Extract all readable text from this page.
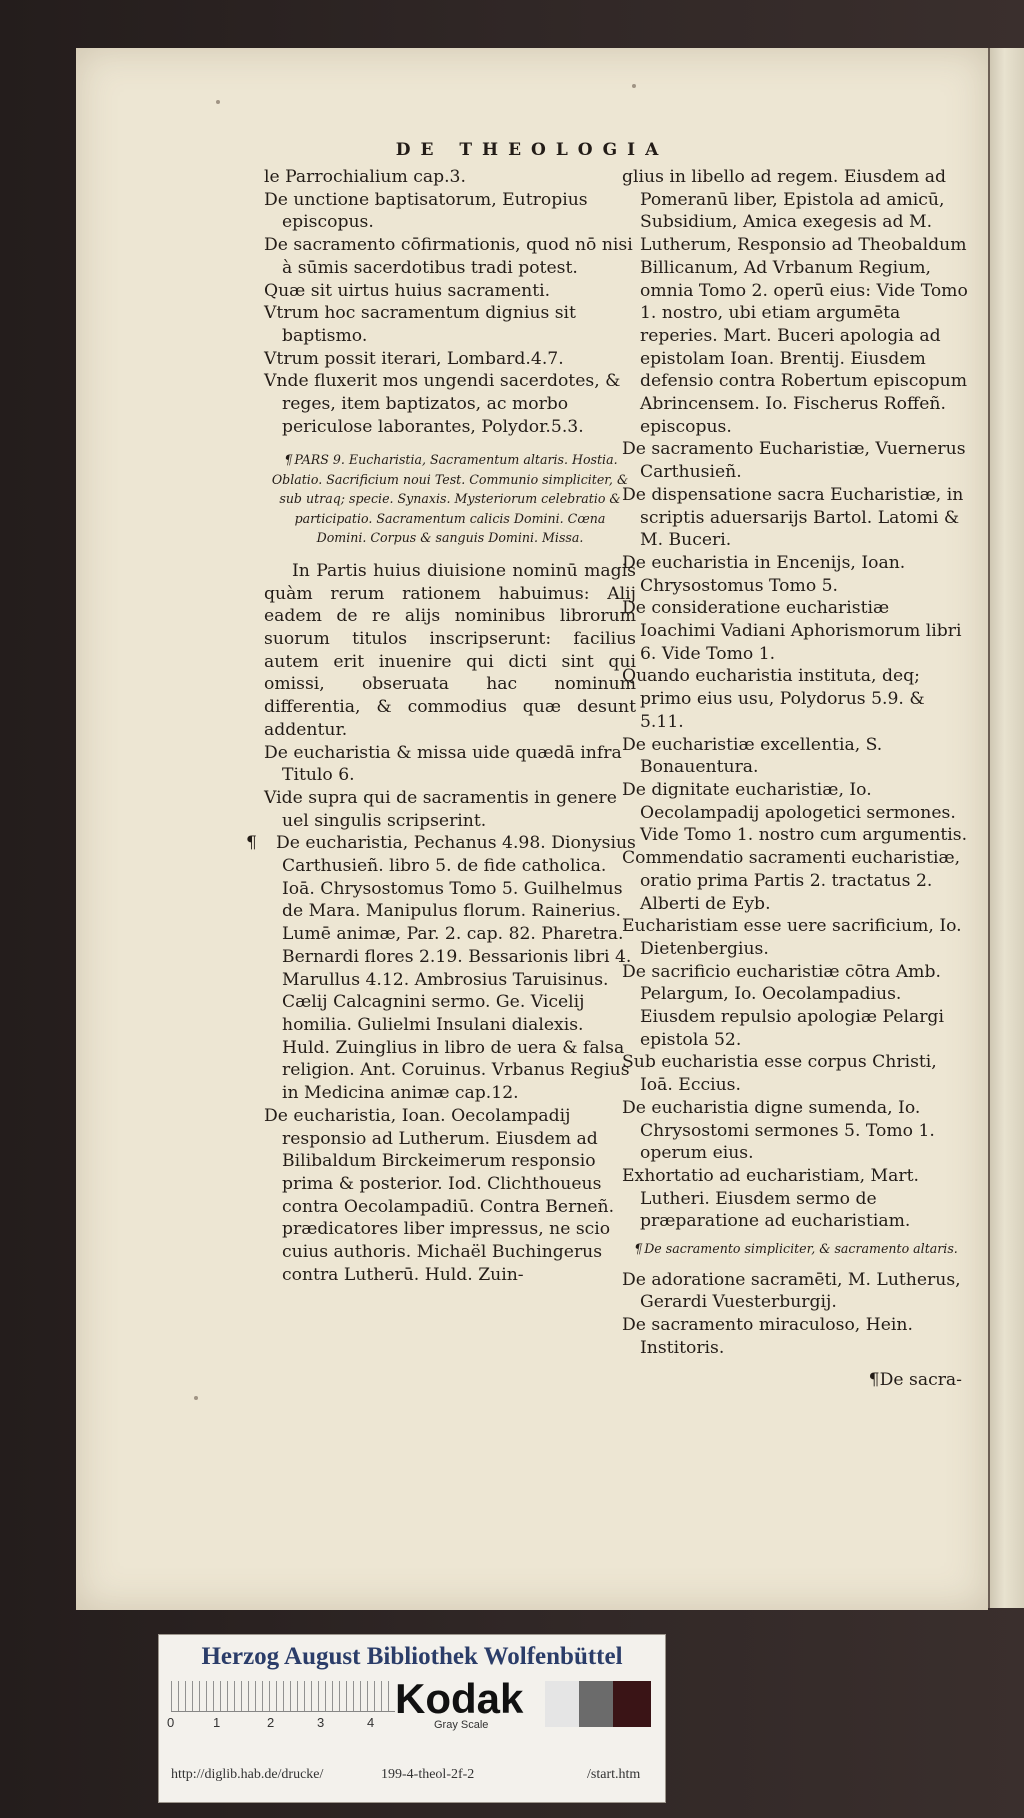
DE THEOLOGIA

le Parrochialium cap.3.

De unctione baptisatorum, Eutropius episcopus.

De sacramento cōfirmationis, quod nō nisi à sūmis sacerdotibus tradi potest.

Quæ sit uirtus huius sacramenti.

Vtrum hoc sacramentum dignius sit baptismo.

Vtrum possit iterari, Lombard.4.7.

Vnde fluxerit mos ungendi sacerdotes, & reges, item baptizatos, ac morbo periculose laborantes, Polydor.5.3.

¶ PARS 9. Eucharistia, Sacramentum altaris. Hostia. Oblatio. Sacrificium noui Test. Communio simpliciter, & sub utraq; specie. Synaxis. Mysteriorum celebratio & participatio. Sacramentum calicis Domini. Cœna Domini. Corpus & sanguis Domini. Missa.

In Partis huius diuisione nominū magis quàm rerum rationem habuimus: Alij eadem de re alijs nominibus librorum suorum titulos inscripserunt: facilius autem erit inuenire qui dicti sint qui omissi, obseruata hac nominum differentia, & commodius quæ desunt addentur.

De eucharistia & missa uide quædā infra Titulo 6.

Vide supra qui de sacramentis in genere uel singulis scripserint.

¶ De eucharistia, Pechanus 4.98. Dionysius Carthusieñ. libro 5. de fide catholica. Ioā. Chrysostomus Tomo 5. Guilhelmus de Mara. Manipulus florum. Rainerius. Lumē animæ, Par. 2. cap. 82. Pharetra. Bernardi flores 2.19. Bessarionis libri 4. Marullus 4.12. Ambrosius Taruisinus. Cælij Calcagnini sermo. Ge. Vicelij homilia. Gulielmi Insulani dialexis. Huld. Zuinglius in libro de uera & falsa religion. Ant. Coruinus. Vrbanus Regius in Medicina animæ cap.12.

De eucharistia, Ioan. Oecolampadij responsio ad Lutherum. Eiusdem ad Bilibaldum Birckeimerum responsio prima & posterior. Iod. Clichthoueus contra Oecolampadiū. Contra Berneñ. prædicatores liber impressus, ne scio cuius authoris. Michaël Buchingerus contra Lutherū. Huld. Zuin-

glius in libello ad regem. Eiusdem ad Pomeranū liber, Epistola ad amicū, Subsidium, Amica exegesis ad M. Lutherum, Responsio ad Theobaldum Billicanum, Ad Vrbanum Regium, omnia Tomo 2. operū eius: Vide Tomo 1. nostro, ubi etiam argumēta reperies. Mart. Buceri apologia ad epistolam Ioan. Brentij. Eiusdem defensio contra Robertum episcopum Abrincensem. Io. Fischerus Roffeñ. episcopus.

De sacramento Eucharistiæ, Vuernerus Carthusieñ.

De dispensatione sacra Eucharistiæ, in scriptis aduersarijs Bartol. Latomi & M. Buceri.

De eucharistia in Encenijs, Ioan. Chrysostomus Tomo 5.

De consideratione eucharistiæ Ioachimi Vadiani Aphorismorum libri 6. Vide Tomo 1.

Quando eucharistia instituta, deq; primo eius usu, Polydorus 5.9. & 5.11.

De eucharistiæ excellentia, S. Bonauentura.

De dignitate eucharistiæ, Io. Oecolampadij apologetici sermones. Vide Tomo 1. nostro cum argumentis.

Commendatio sacramenti eucharistiæ, oratio prima Partis 2. tractatus 2. Alberti de Eyb.

Eucharistiam esse uere sacrificium, Io. Dietenbergius.

De sacrificio eucharistiæ cōtra Amb. Pelargum, Io. Oecolampadius. Eiusdem repulsio apologiæ Pelargi epistola 52.

Sub eucharistia esse corpus Christi, Ioā. Eccius.

De eucharistia digne sumenda, Io. Chrysostomi sermones 5. Tomo 1. operum eius.

Exhortatio ad eucharistiam, Mart. Lutheri. Eiusdem sermo de præparatione ad eucharistiam.

¶ De sacramento simpliciter, & sacramento altaris.

De adoratione sacramēti, M. Lutherus, Gerardi Vuesterburgij.

De sacramento miraculoso, Hein. Institoris.

¶De sacra-
Herzog August Bibliothek Wolfenbüttel
0	1	2	3	4
Kodak
Gray Scale
http://diglib.hab.de/drucke/	199-4-theol-2f-2	/start.htm
